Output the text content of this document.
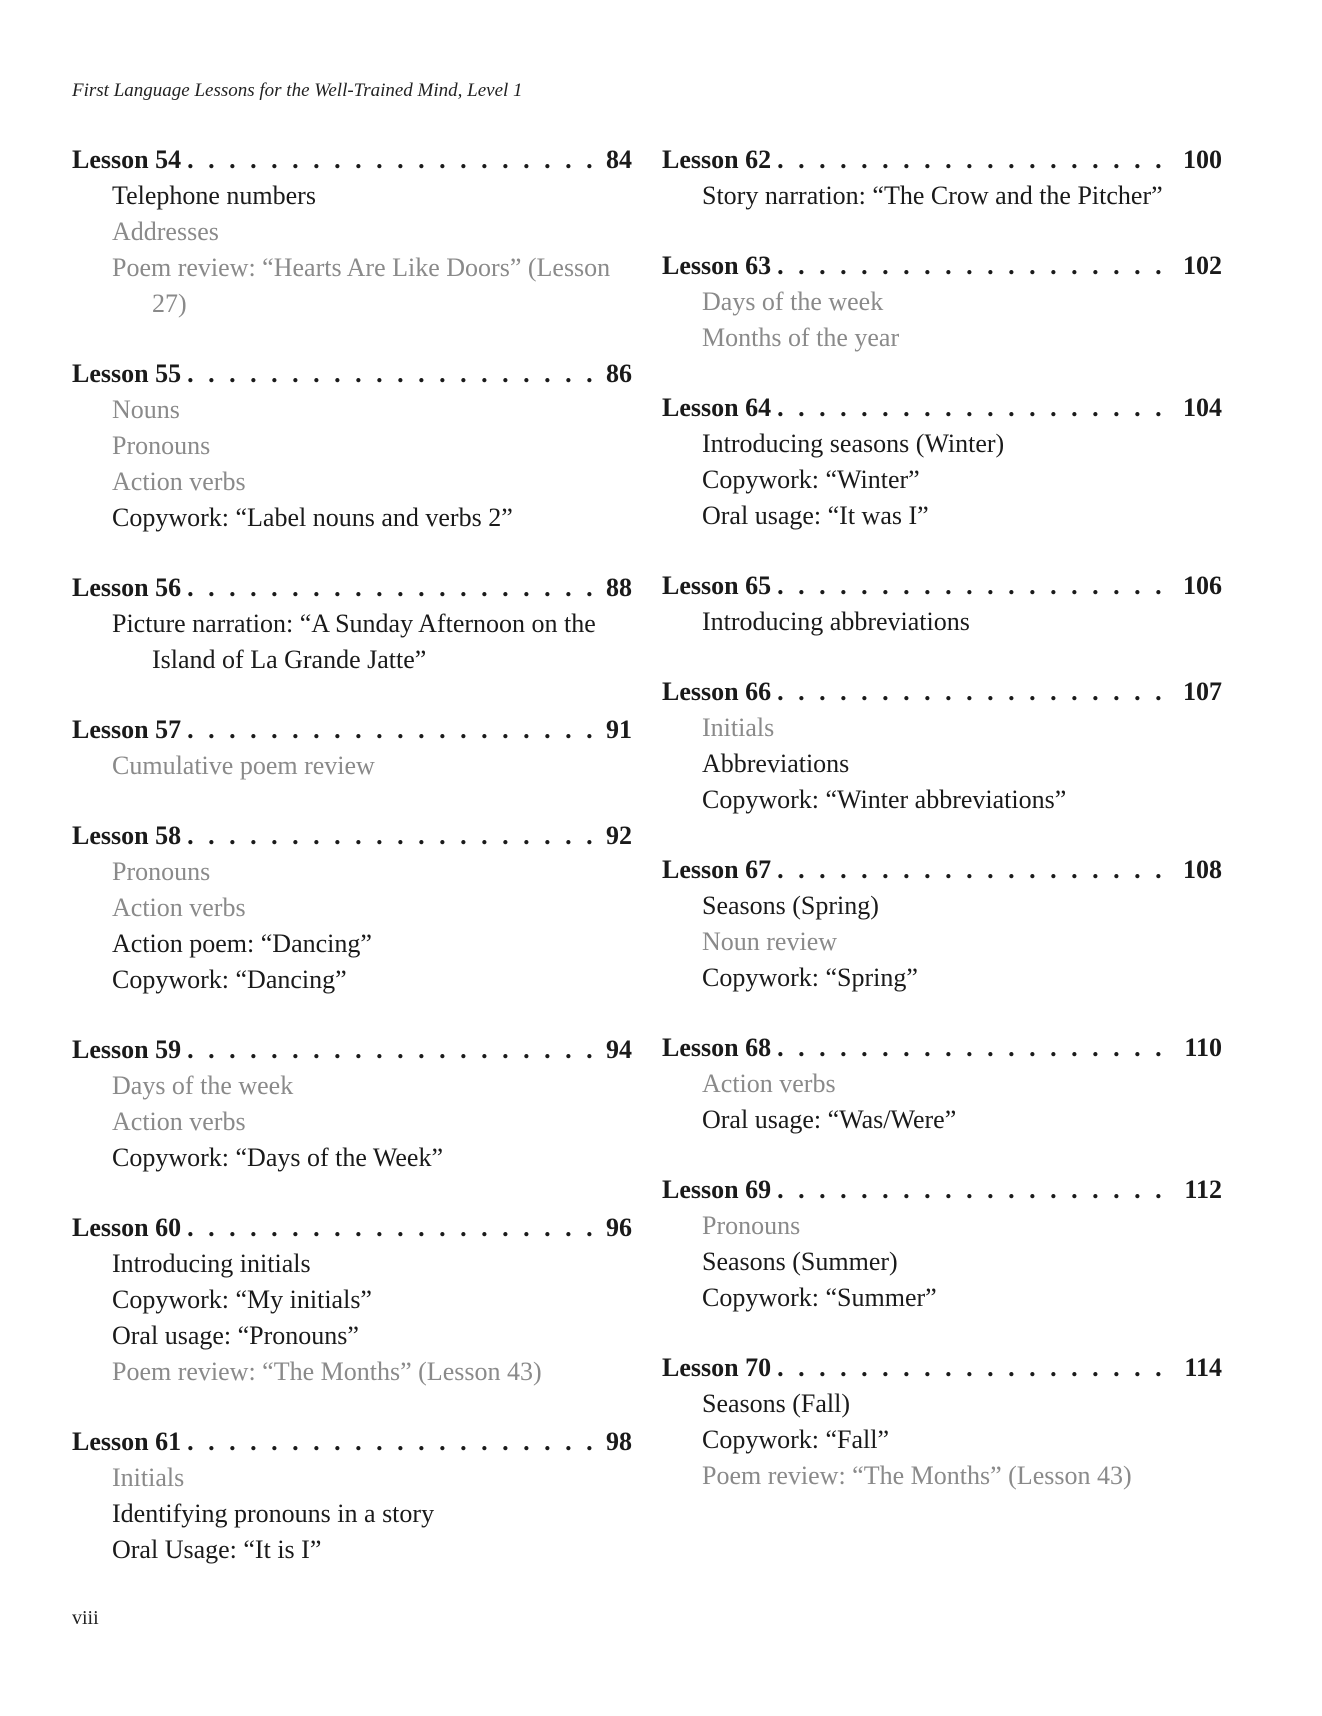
First Language Lessons for the Well-Trained Mind, Level 1
Lesson 54 . . .	84
Telephone numbers
Addresses
Poem review: “Hearts Are Like Doors” (Lesson 27)
Lesson 55 . . .	86
Nouns
Pronouns
Action verbs
Copywork: “Label nouns and verbs 2”
Lesson 56 . . .	88
Picture narration: “A Sunday Afternoon on the Island of La Grande Jatte”
Lesson 57 . . .	91
Cumulative poem review
Lesson 58 . . .	92
Pronouns
Action verbs
Action poem: “Dancing”
Copywork: “Dancing”
Lesson 59 . . .	94
Days of the week
Action verbs
Copywork: “Days of the Week”
Lesson 60 . . .	96
Introducing initials
Copywork: “My initials”
Oral usage: “Pronouns”
Poem review: “The Months” (Lesson 43)
Lesson 61 . . .	98
Initials
Identifying pronouns in a story
Oral Usage: “It is I”
Lesson 62 . . .	100
Story narration: “The Crow and the Pitcher”
Lesson 63 . . .	102
Days of the week
Months of the year
Lesson 64 . . .	104
Introducing seasons (Winter)
Copywork: “Winter”
Oral usage: “It was I”
Lesson 65 . . .	106
Introducing abbreviations
Lesson 66 . . .	107
Initials
Abbreviations
Copywork: “Winter abbreviations”
Lesson 67 . . .	108
Seasons (Spring)
Noun review
Copywork: “Spring”
Lesson 68 . . .	110
Action verbs
Oral usage: “Was/Were”
Lesson 69 . . .	112
Pronouns
Seasons (Summer)
Copywork: “Summer”
Lesson 70 . . .	114
Seasons (Fall)
Copywork: “Fall”
Poem review: “The Months” (Lesson 43)
viii
